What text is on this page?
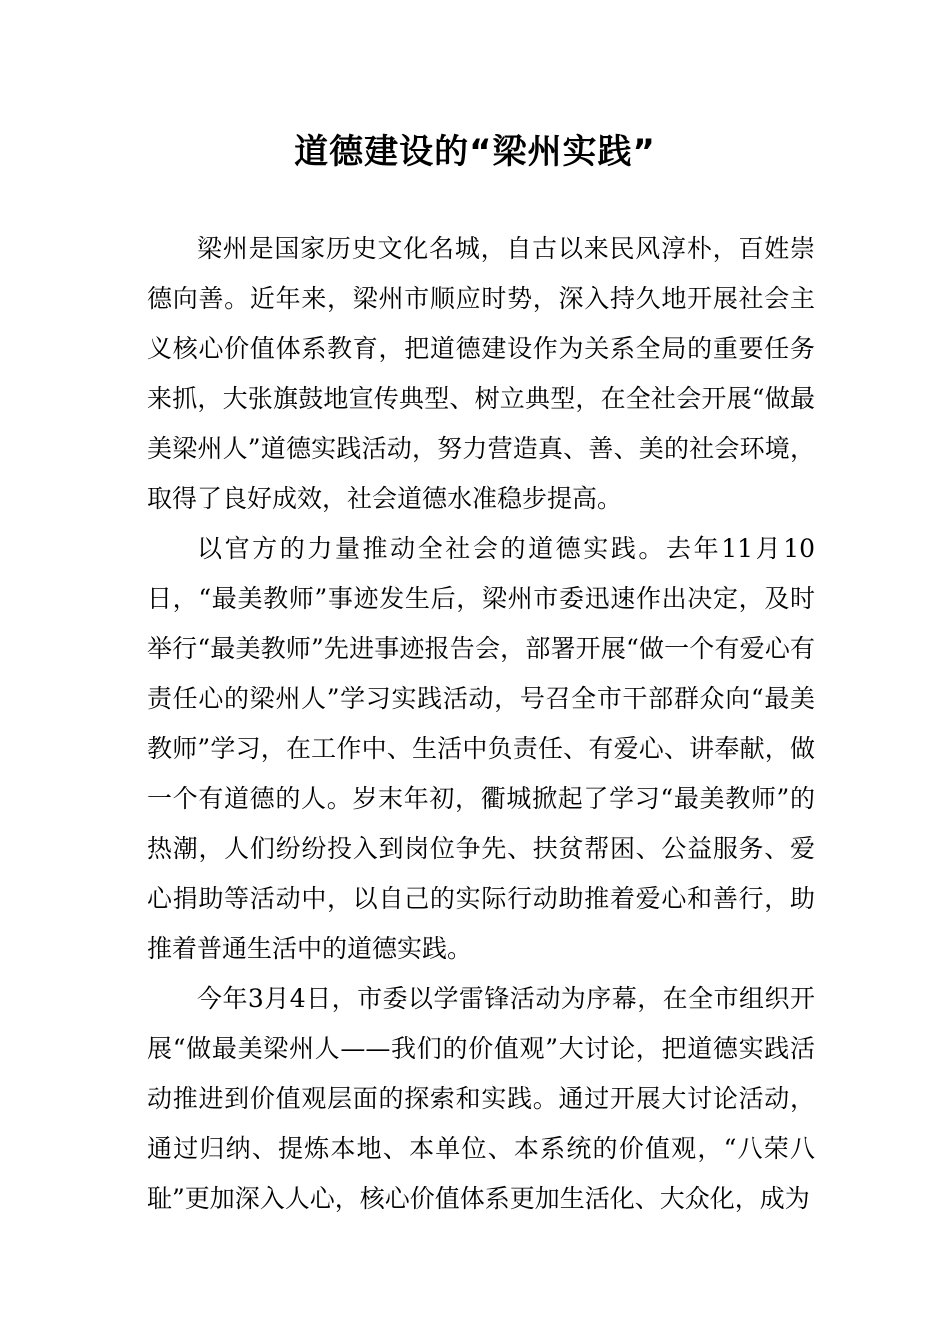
道德建设的“梁州实践”

梁州是国家历史文化名城，自古以来民风淳朴，百姓崇德向善。近年来，梁州市顺应时势，深入持久地开展社会主义核心价值体系教育，把道德建设作为关系全局的重要任务来抓，大张旗鼓地宣传典型、树立典型，在全社会开展“做最美梁州人”道德实践活动，努力营造真、善、美的社会环境，取得了良好成效，社会道德水准稳步提高。

以官方的力量推动全社会的道德实践。去年11月10日，“最美教师”事迹发生后，梁州市委迅速作出决定，及时举行“最美教师”先进事迹报告会，部署开展“做一个有爱心有责任心的梁州人”学习实践活动，号召全市干部群众向“最美教师”学习，在工作中、生活中负责任、有爱心、讲奉献，做一个有道德的人。岁末年初，衢城掀起了学习“最美教师”的热潮，人们纷纷投入到岗位争先、扶贫帮困、公益服务、爱心捐助等活动中，以自己的实际行动助推着爱心和善行，助推着普通生活中的道德实践。

今年3月4日，市委以学雷锋活动为序幕，在全市组织开展“做最美梁州人——我们的价值观”大讨论，把道德实践活动推进到价值观层面的探索和实践。通过开展大讨论活动，通过归纳、提炼本地、本单位、本系统的价值观，“八荣八耻”更加深入人心，核心价值体系更加生活化、大众化，成为
